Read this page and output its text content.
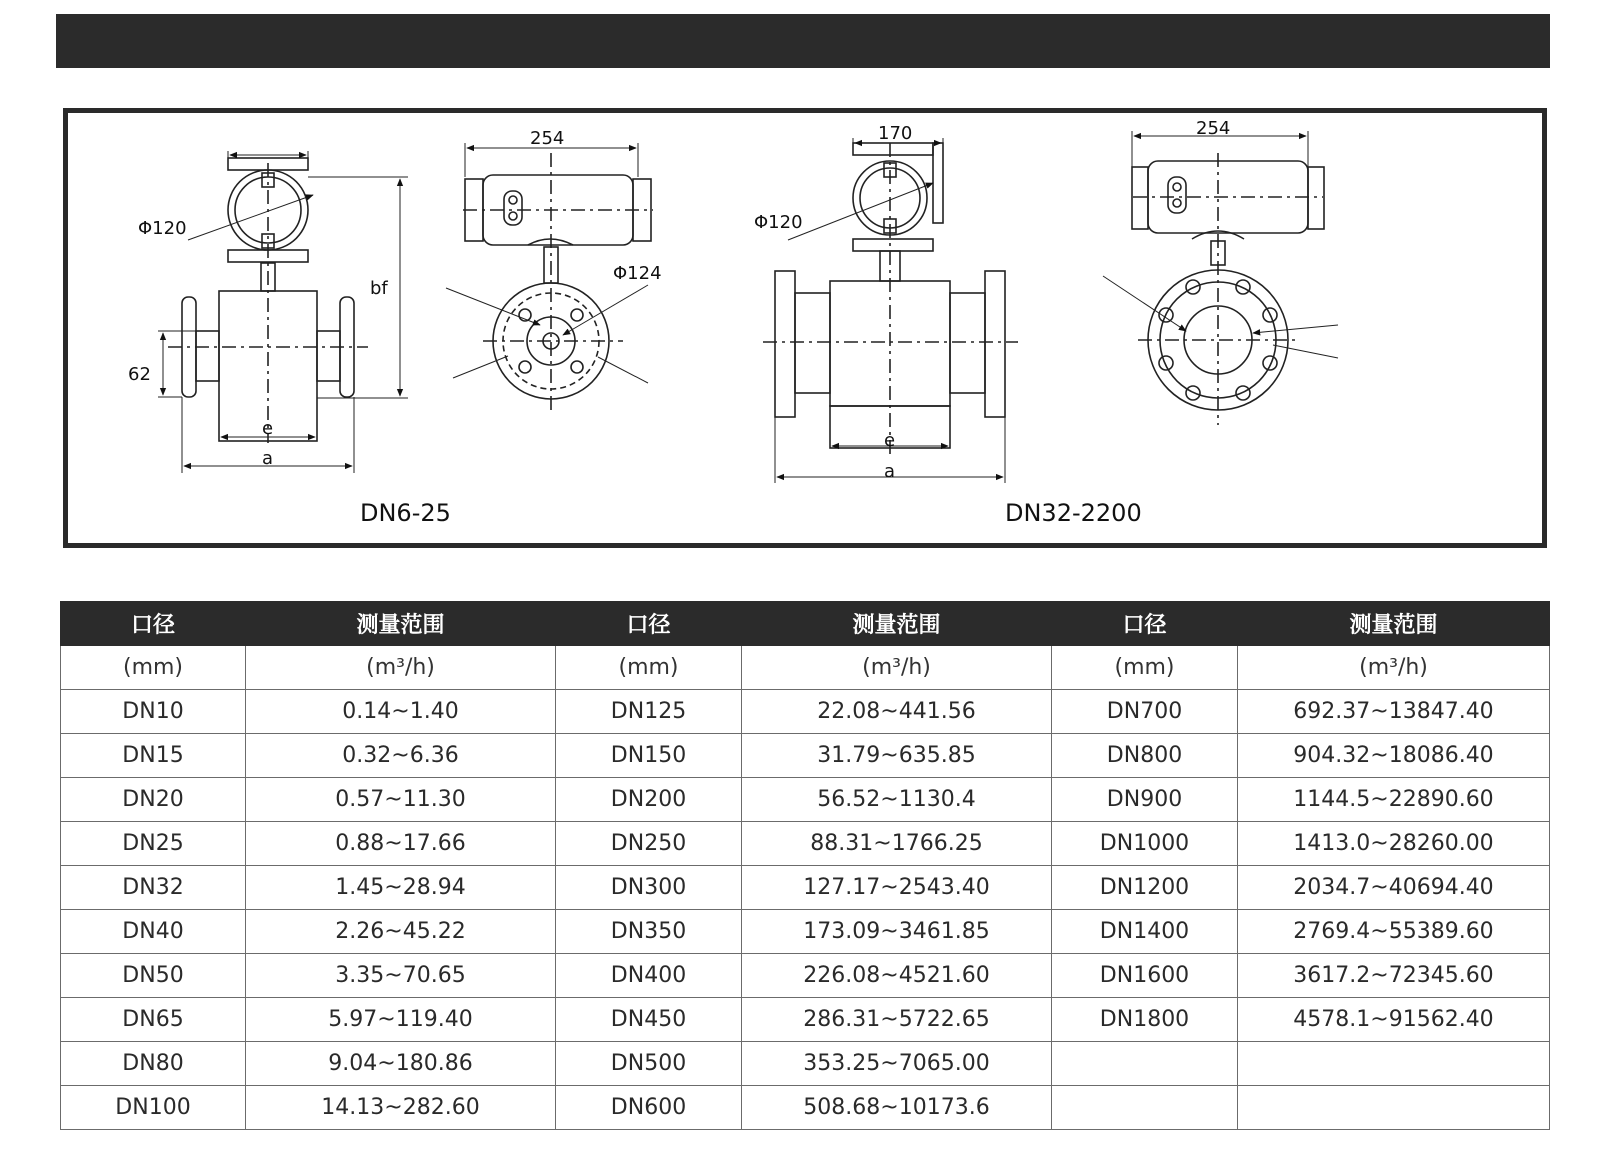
Φ120
bf
62
e
a
254
Φ124
170
Φ120
e
a
254
DN6-25	DN32-2200
口径	测量范围	口径	测量范围	口径	测量范围
(mm)	(m³/h)	(mm)	(m³/h)	(mm)	(m³/h)
DN10	0.14~1.40	DN125	22.08~441.56	DN700	692.37~13847.40
DN15	0.32~6.36	DN150	31.79~635.85	DN800	904.32~18086.40
DN20	0.57~11.30	DN200	56.52~1130.4	DN900	1144.5~22890.60
DN25	0.88~17.66	DN250	88.31~1766.25	DN1000	1413.0~28260.00
DN32	1.45~28.94	DN300	127.17~2543.40	DN1200	2034.7~40694.40
DN40	2.26~45.22	DN350	173.09~3461.85	DN1400	2769.4~55389.60
DN50	3.35~70.65	DN400	226.08~4521.60	DN1600	3617.2~72345.60
DN65	5.97~119.40	DN450	286.31~5722.65	DN1800	4578.1~91562.40
DN80	9.04~180.86	DN500	353.25~7065.00		
DN100	14.13~282.60	DN600	508.68~10173.6		
